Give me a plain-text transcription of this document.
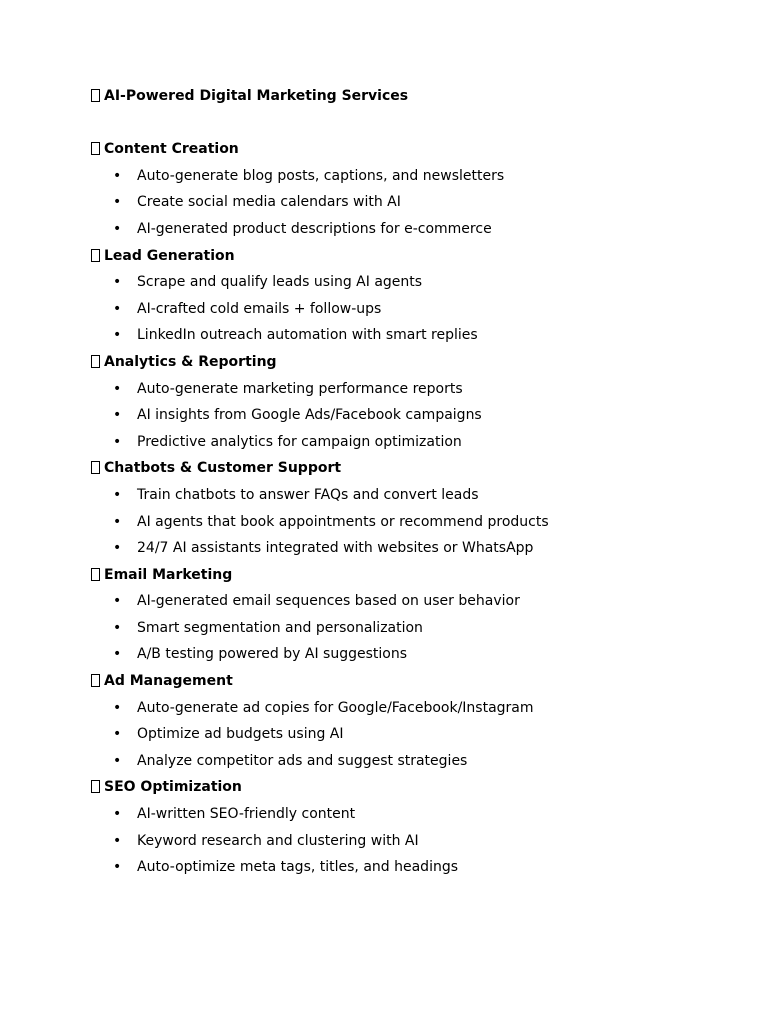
AI-Powered Digital Marketing Services
Content Creation
• Auto-generate blog posts, captions, and newsletters
• Create social media calendars with AI
• AI-generated product descriptions for e-commerce
Lead Generation
• Scrape and qualify leads using AI agents
• AI-crafted cold emails + follow-ups
• LinkedIn outreach automation with smart replies
Analytics & Reporting
• Auto-generate marketing performance reports
• AI insights from Google Ads/Facebook campaigns
• Predictive analytics for campaign optimization
Chatbots & Customer Support
• Train chatbots to answer FAQs and convert leads
• AI agents that book appointments or recommend products
• 24/7 AI assistants integrated with websites or WhatsApp
Email Marketing
• AI-generated email sequences based on user behavior
• Smart segmentation and personalization
• A/B testing powered by AI suggestions
Ad Management
• Auto-generate ad copies for Google/Facebook/Instagram
• Optimize ad budgets using AI
• Analyze competitor ads and suggest strategies
SEO Optimization
• AI-written SEO-friendly content
• Keyword research and clustering with AI
• Auto-optimize meta tags, titles, and headings
